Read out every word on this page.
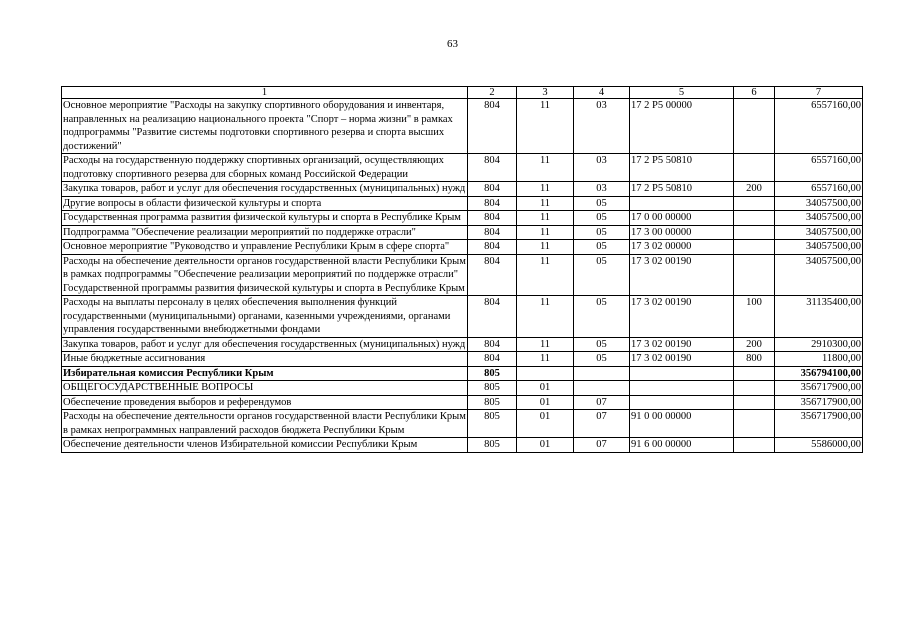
63
1	2	3	4	5	6	7
Основное мероприятие "Расходы на закупку спортивного оборудования и инвентаря, направленных на реализацию национального проекта "Спорт – норма жизни" в рамках подпрограммы "Развитие системы подготовки спортивного резерва и спорта высших достижений"	804	11	03	17 2 P5 00000		6557160,00
Расходы на государственную поддержку спортивных организаций, осуществляющих подготовку спортивного резерва для сборных команд Российской Федерации	804	11	03	17 2 P5 50810		6557160,00
Закупка товаров, работ и услуг для обеспечения государственных (муниципальных) нужд	804	11	03	17 2 P5 50810	200	6557160,00
Другие вопросы в области физической культуры и спорта	804	11	05			34057500,00
Государственная программа развития физической культуры и спорта в Республике Крым	804	11	05	17 0 00 00000		34057500,00
Подпрограмма "Обеспечение реализации мероприятий по поддержке отрасли"	804	11	05	17 3 00 00000		34057500,00
Основное мероприятие "Руководство и управление Республики Крым в сфере спорта"	804	11	05	17 3 02 00000		34057500,00
Расходы на обеспечение деятельности органов государственной власти Республики Крым в рамках подпрограммы "Обеспечение реализации мероприятий по поддержке отрасли" Государственной программы развития физической культуры и спорта в Республике Крым	804	11	05	17 3 02 00190		34057500,00
Расходы на выплаты персоналу в целях обеспечения выполнения функций государственными (муниципальными) органами, казенными учреждениями, органами управления государственными внебюджетными фондами	804	11	05	17 3 02 00190	100	31135400,00
Закупка товаров, работ и услуг для обеспечения государственных (муниципальных) нужд	804	11	05	17 3 02 00190	200	2910300,00
Иные бюджетные ассигнования	804	11	05	17 3 02 00190	800	11800,00
Избирательная комиссия Республики Крым	805					356794100,00
ОБЩЕГОСУДАРСТВЕННЫЕ ВОПРОСЫ	805	01				356717900,00
Обеспечение проведения выборов и референдумов	805	01	07			356717900,00
Расходы на обеспечение деятельности органов государственной власти Республики Крым в рамках непрограммных направлений расходов бюджета Республики Крым	805	01	07	91 0 00 00000		356717900,00
Обеспечение деятельности членов Избирательной комиссии Республики Крым	805	01	07	91 6 00 00000		5586000,00
